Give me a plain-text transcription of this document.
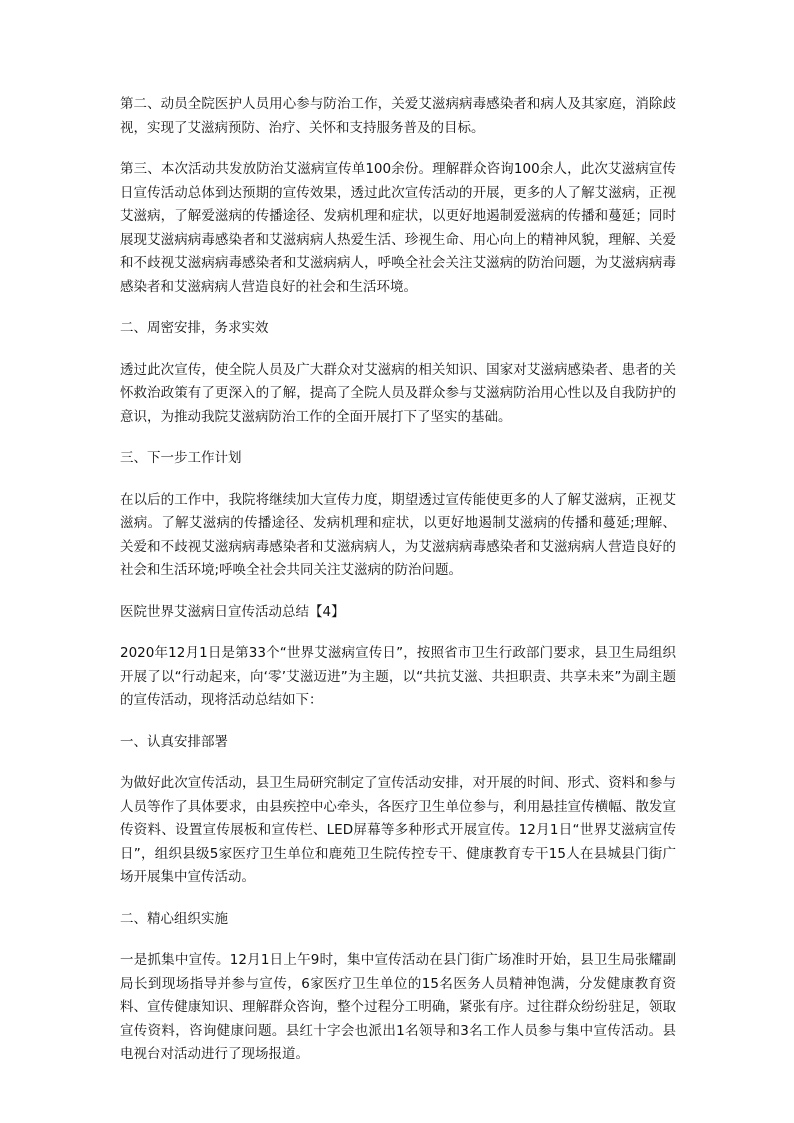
第二、动员全院医护人员用心参与防治工作，关爱艾滋病病毒感染者和病人及其家庭，消除歧视，实现了艾滋病预防、治疗、关怀和支持服务普及的目标。

第三、本次活动共发放防治艾滋病宣传单100余份。理解群众咨询100余人，此次艾滋病宣传日宣传活动总体到达预期的宣传效果，透过此次宣传活动的开展，更多的人了解艾滋病，正视艾滋病，了解爱滋病的传播途径、发病机理和症状，以更好地遏制爱滋病的传播和蔓延；同时展现艾滋病病毒感染者和艾滋病病人热爱生活、珍视生命、用心向上的精神风貌，理解、关爱和不歧视艾滋病病毒感染者和艾滋病病人，呼唤全社会关注艾滋病的防治问题，为艾滋病病毒感染者和艾滋病病人营造良好的社会和生活环境。

二、周密安排，务求实效

透过此次宣传，使全院人员及广大群众对艾滋病的相关知识、国家对艾滋病感染者、患者的关怀救治政策有了更深入的了解，提高了全院人员及群众参与艾滋病防治用心性以及自我防护的意识，为推动我院艾滋病防治工作的全面开展打下了坚实的基础。

三、下一步工作计划

在以后的工作中，我院将继续加大宣传力度，期望透过宣传能使更多的人了解艾滋病，正视艾滋病。了解艾滋病的传播途径、发病机理和症状，以更好地遏制艾滋病的传播和蔓延;理解、关爱和不歧视艾滋病病毒感染者和艾滋病病人，为艾滋病病毒感染者和艾滋病病人营造良好的社会和生活环境;呼唤全社会共同关注艾滋病的防治问题。

医院世界艾滋病日宣传活动总结【4】

2020年12月1日是第33个“世界艾滋病宣传日”，按照省市卫生行政部门要求，县卫生局组织开展了以“行动起来，向‘零’艾滋迈进”为主题，以“共抗艾滋、共担职责、共享未来”为副主题的宣传活动，现将活动总结如下：

一、认真安排部署

为做好此次宣传活动，县卫生局研究制定了宣传活动安排，对开展的时间、形式、资料和参与人员等作了具体要求，由县疾控中心牵头，各医疗卫生单位参与，利用悬挂宣传横幅、散发宣传资料、设置宣传展板和宣传栏、LED屏幕等多种形式开展宣传。12月1日“世界艾滋病宣传日”，组织县级5家医疗卫生单位和鹿苑卫生院传控专干、健康教育专干15人在县城县门街广场开展集中宣传活动。

二、精心组织实施

一是抓集中宣传。12月1日上午9时，集中宣传活动在县门街广场准时开始，县卫生局张耀副局长到现场指导并参与宣传，6家医疗卫生单位的15名医务人员精神饱满，分发健康教育资料、宣传健康知识、理解群众咨询，整个过程分工明确，紧张有序。过往群众纷纷驻足，领取宣传资料，咨询健康问题。县红十字会也派出1名领导和3名工作人员参与集中宣传活动。县电视台对活动进行了现场报道。
